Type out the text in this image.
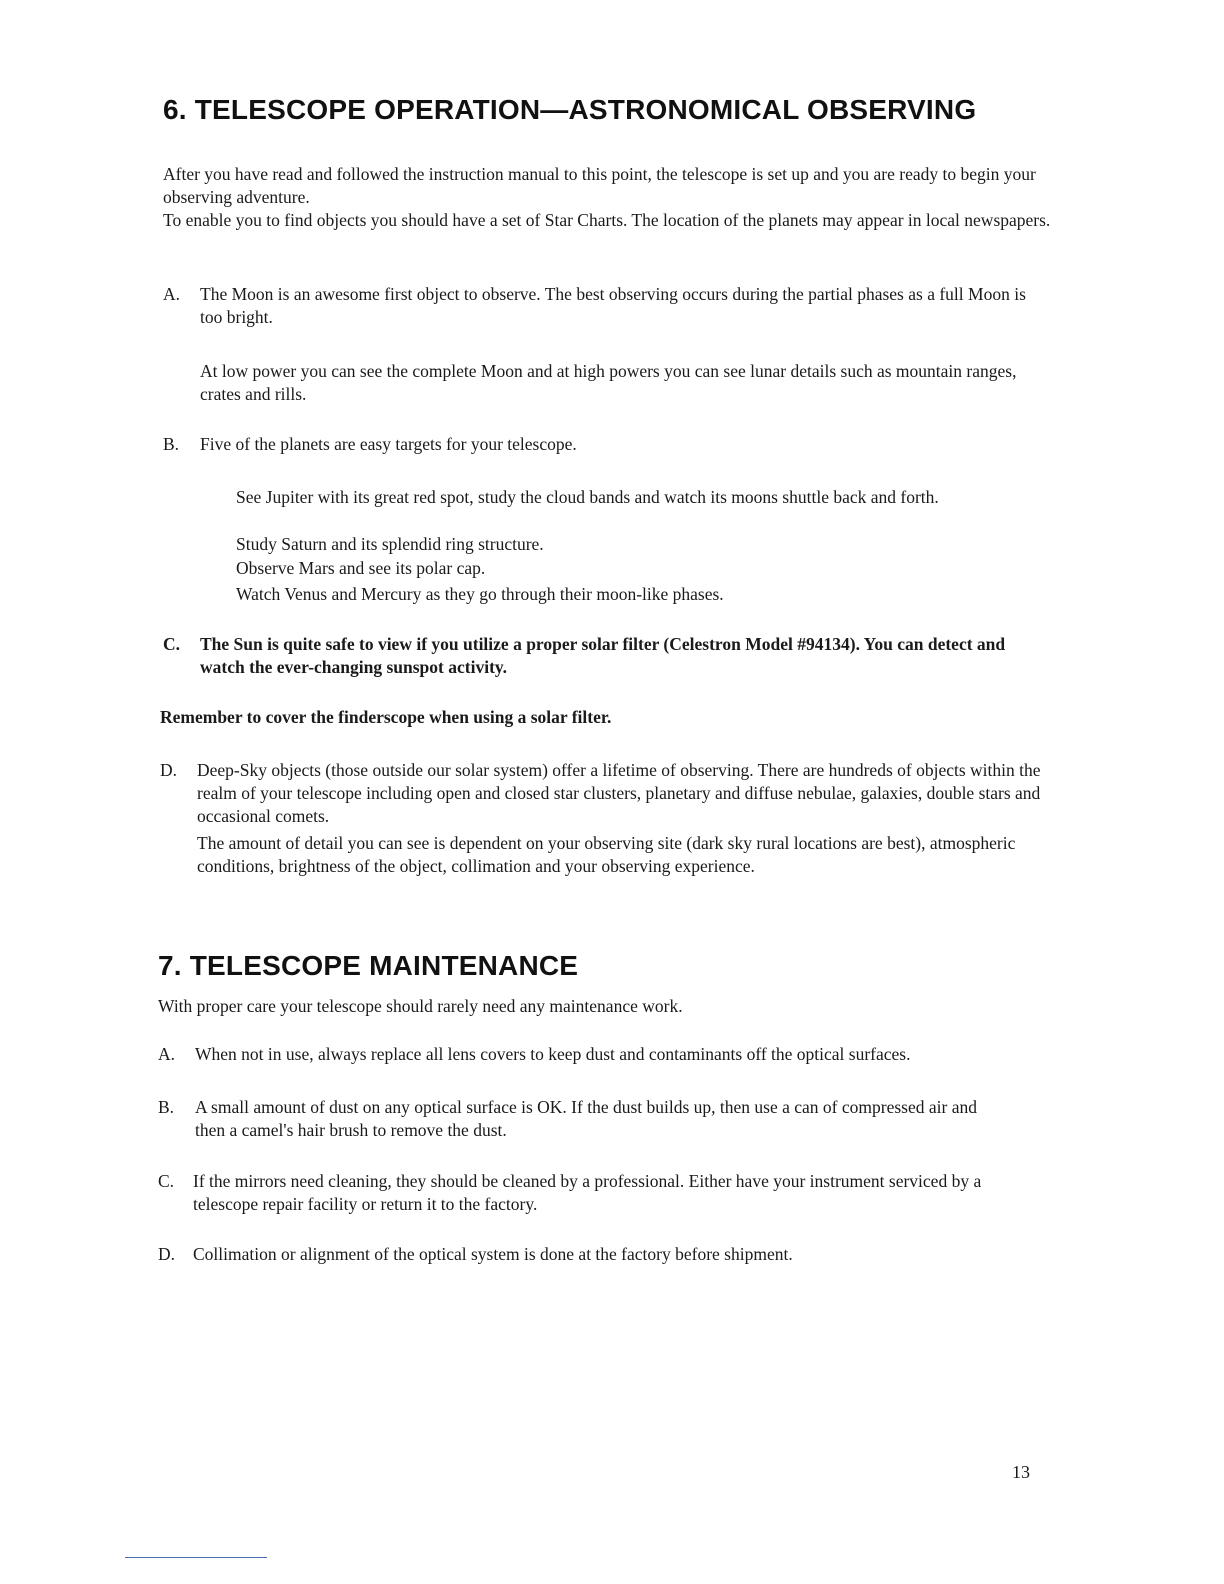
6. TELESCOPE OPERATION—ASTRONOMICAL OBSERVING

After you have read and followed the instruction manual to this point, the telescope is set up and you are ready to begin your observing adventure.

To enable you to find objects you should have a set of Star Charts. The location of the planets may appear in local newspapers.

A. The Moon is an awesome first object to observe. The best observing occurs during the partial phases as a full Moon is too bright.

At low power you can see the complete Moon and at high powers you can see lunar details such as mountain ranges, crates and rills.

B. Five of the planets are easy targets for your telescope.
See Jupiter with its great red spot, study the cloud bands and watch its moons shuttle back and forth.
Study Saturn and its splendid ring structure.
Observe Mars and see its polar cap.
Watch Venus and Mercury as they go through their moon-like phases.
C. The Sun is quite safe to view if you utilize a proper solar filter (Celestron Model #94134). You can detect and watch the ever-changing sunspot activity.

Remember to cover the finderscope when using a solar filter.

D. Deep-Sky objects (those outside our solar system) offer a lifetime of observing. There are hundreds of objects within the realm of your telescope including open and closed star clusters, planetary and diffuse nebulae, galaxies, double stars and occasional comets.

The amount of detail you can see is dependent on your observing site (dark sky rural locations are best), atmospheric conditions, brightness of the object, collimation and your observing experience.

7. TELESCOPE MAINTENANCE

With proper care your telescope should rarely need any maintenance work.

A. When not in use, always replace all lens covers to keep dust and contaminants off the optical surfaces.
B. A small amount of dust on any optical surface is OK. If the dust builds up, then use a can of compressed air and then a camel's hair brush to remove the dust.
C. If the mirrors need cleaning, they should be cleaned by a professional. Either have your instrument serviced by a telescope repair facility or return it to the factory.
D. Collimation or alignment of the optical system is done at the factory before shipment.
13
